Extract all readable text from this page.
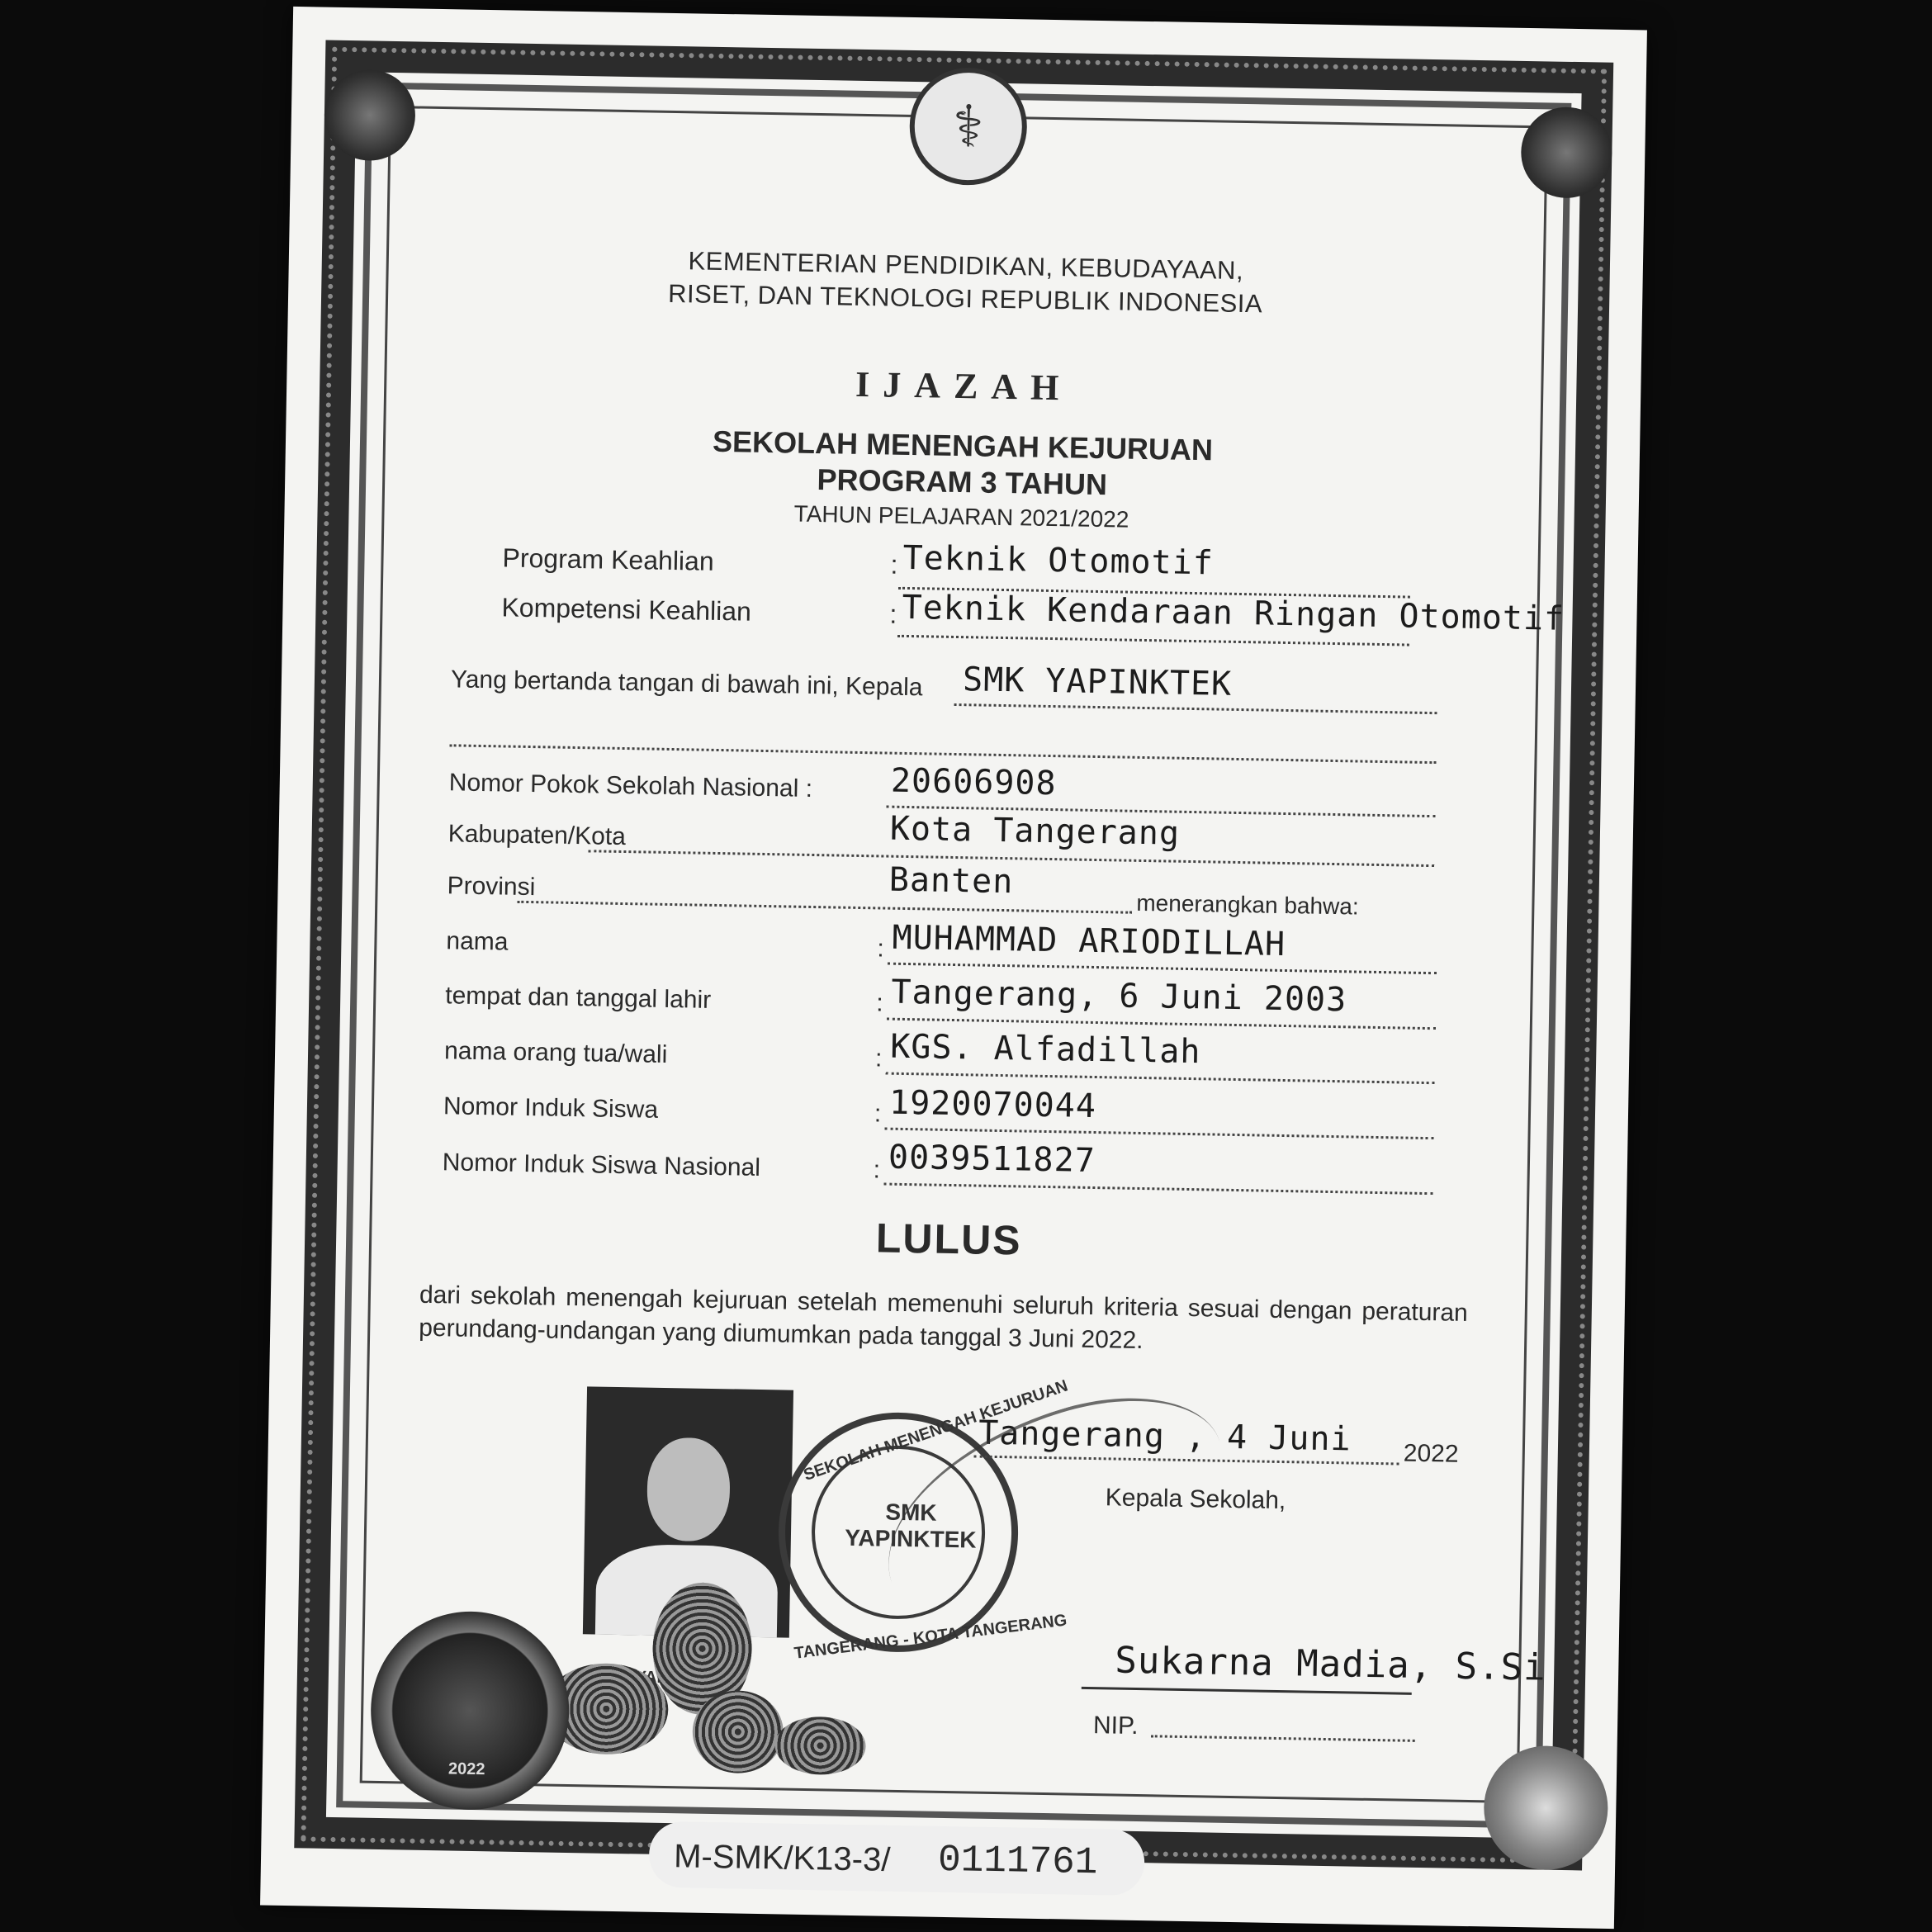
⚕
KEMENTERIAN PENDIDIKAN, KEBUDAYAAN,
RISET, DAN TEKNOLOGI REPUBLIK INDONESIA
IJAZAH
SEKOLAH MENENGAH KEJURUAN
PROGRAM 3 TAHUN
TAHUN PELAJARAN 2021/2022
Program Keahlian	: Teknik Otomotif
Kompetensi Keahlian	: Teknik Kendaraan Ringan Otomotif
Yang bertanda tangan di bawah ini, Kepala SMK YAPINKTEK
Nomor Pokok Sekolah Nasional : 20606908
Kabupaten/Kota	Kota Tangerang
Provinsi	Banten
menerangkan bahwa:
nama	: MUHAMMAD ARIODILLAH
tempat dan tanggal lahir	: Tangerang, 6 Juni 2003
nama orang tua/wali	: KGS. Alfadillah
Nomor Induk Siswa	: 1920070044
Nomor Induk Siswa Nasional	: 0039511827
LULUS
dari sekolah menengah kejuruan setelah memenuhi seluruh kriteria sesuai dengan peraturan perundang-undangan yang diumumkan pada tanggal 3 Juni 2022.
SEKOLAH MENENGAH KEJURUAN
TANGERANG - KOTA TANGERANG
SMK
YAPINKTEK
Tangerang , 4 Juni 2022
Kepala Sekolah,
Sukarna Madia, S.Si
NIP.
2022
M-SMK/K13-3/ 0111761
